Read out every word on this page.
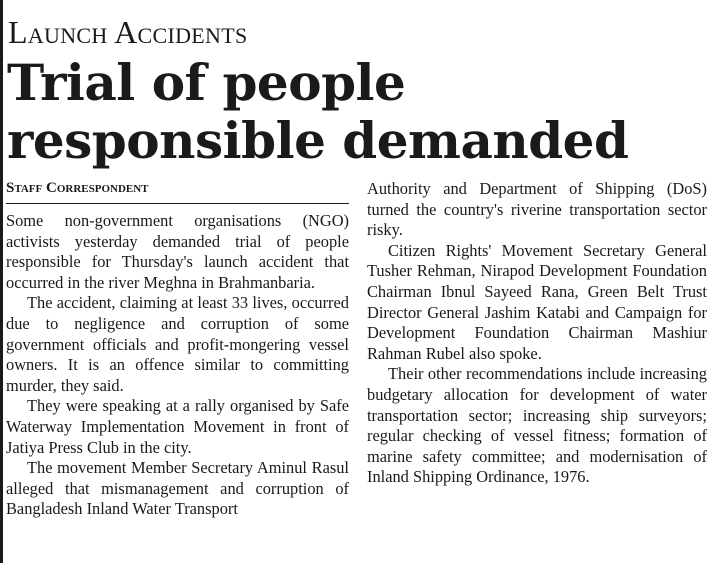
Launch Accidents
Trial of people responsible demanded
Staff Correspondent

Some non-government organisations (NGO) activists yesterday demanded trial of people responsible for Thursday's launch accident that occurred in the river Meghna in Brahmanbaria.

The accident, claiming at least 33 lives, occurred due to negligence and corruption of some government officials and profit-mongering vessel owners. It is an offence similar to committing murder, they said.

They were speaking at a rally organised by Safe Waterway Implementation Movement in front of Jatiya Press Club in the city.

The movement Member Secretary Aminul Rasul alleged that mismanagement and corruption of Bangladesh Inland Water Transport

Authority and Department of Shipping (DoS) turned the country's riverine transportation sector risky.

Citizen Rights' Movement Secretary General Tusher Rehman, Nirapod Development Foundation Chairman Ibnul Sayeed Rana, Green Belt Trust Director General Jashim Katabi and Campaign for Development Foundation Chairman Mashiur Rahman Rubel also spoke.

Their other recommendations include increasing budgetary allocation for development of water transportation sector; increasing ship surveyors; regular checking of vessel fitness; formation of marine safety committee; and modernisation of Inland Shipping Ordinance, 1976.
